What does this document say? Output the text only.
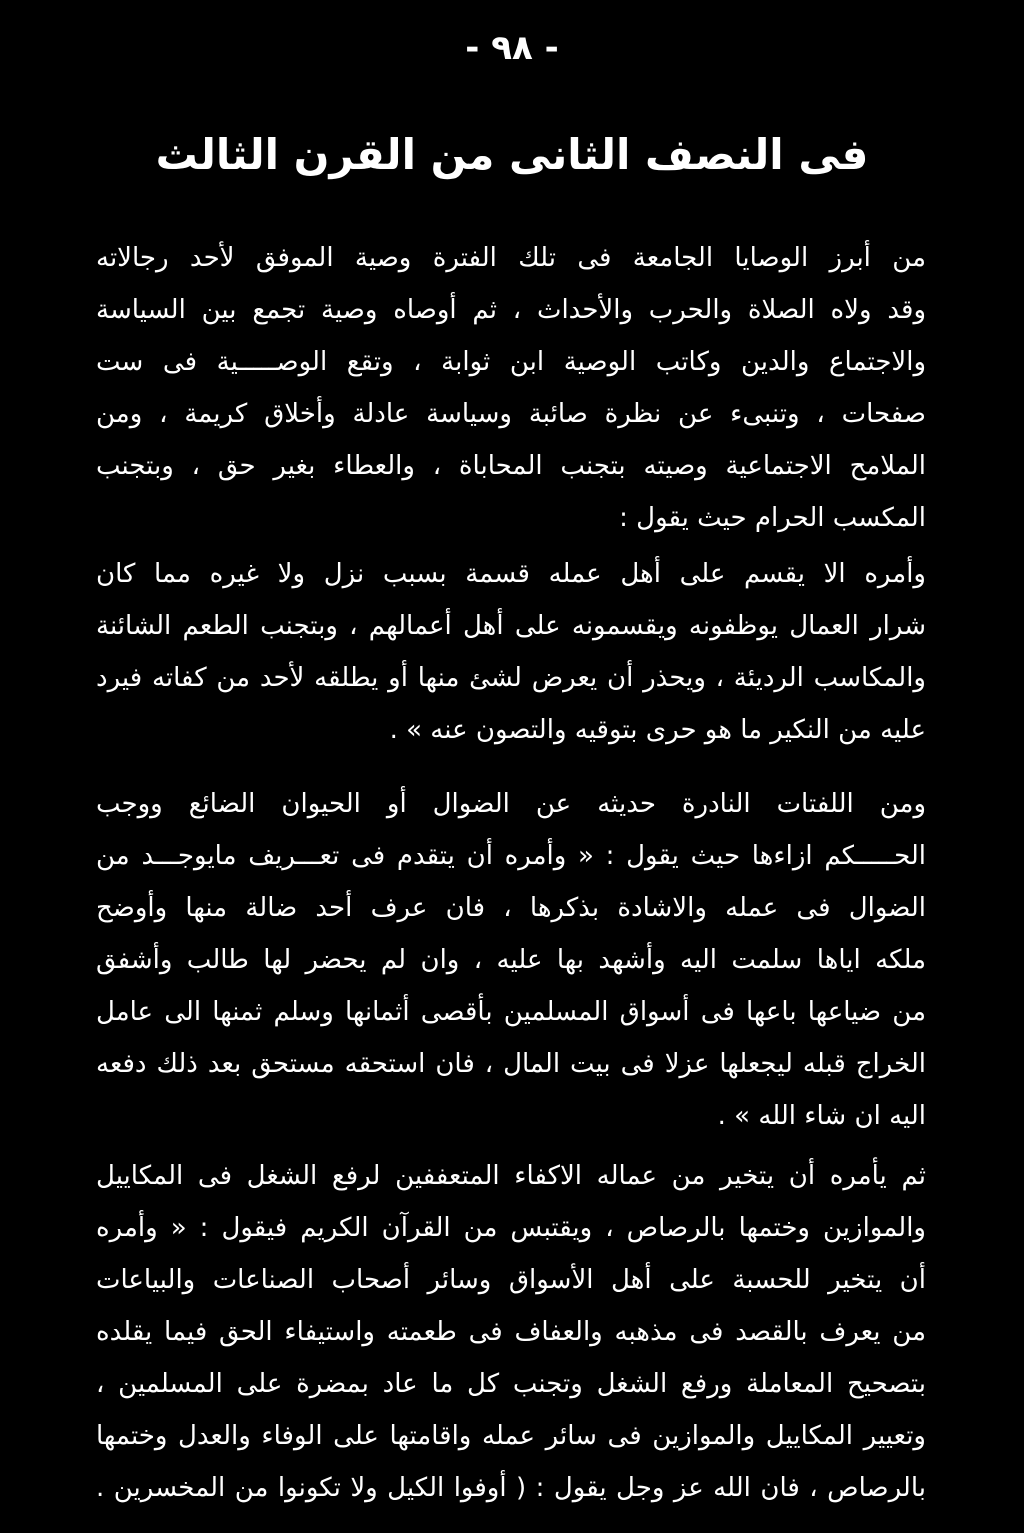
- ٩٨ -
فى النصف الثانى من القرن الثالث
من أبرز الوصايا الجامعة فى تلك الفترة وصية الموفق لأحد رجالاته
وقد ولاه الصلاة والحرب والأحداث ، ثم أوصاه وصية تجمع بين السياسة
والاجتماع والدين وكاتب الوصية ابن ثوابة ، وتقع الوصـــــية فى ست
صفحات ، وتنبىء عن نظرة صائبة وسياسة عادلة وأخلاق كريمة ، ومن
الملامح الاجتماعية وصيته بتجنب المحاباة ، والعطاء بغير حق ، وبتجنب
المكسب الحرام حيث يقول :
وأمره الا يقسم على أهل عمله قسمة بسبب نزل ولا غيره مما كان
شرار العمال يوظفونه ويقسمونه على أهل أعمالهم ، وبتجنب الطعم الشائنة
والمكاسب الرديئة ، ويحذر أن يعرض لشئ منها أو يطلقه لأحد من كفاته فيرد
عليه من النكير ما هو حرى بتوقيه والتصون عنه » .
ومن اللفتات النادرة حديثه عن الضوال أو الحيوان الضائع ووجب
الحـــــكم ازاءها حيث يقول : « وأمره أن يتقدم فى تعـــريف مايوجـــد من
الضوال فى عمله والاشادة بذكرها ، فان عرف أحد ضالة منها وأوضح
ملكه اياها سلمت اليه وأشهد بها عليه ، وان لم يحضر لها طالب وأشفق
من ضياعها باعها فى أسواق المسلمين بأقصى أثمانها وسلم ثمنها الى عامل
الخراج قبله ليجعلها عزلا فى بيت المال ، فان استحقه مستحق بعد ذلك دفعه
اليه ان شاء الله » .
ثم يأمره أن يتخير من عماله الاكفاء المتعففين لرفع الشغل فى المكاييل
والموازين وختمها بالرصاص ، ويقتبس من القرآن الكريم فيقول : « وأمره
أن يتخير للحسبة على أهل الأسواق وسائر أصحاب الصناعات والبياعات
من يعرف بالقصد فى مذهبه والعفاف فى طعمته واستيفاء الحق فيما يقلده
بتصحيح المعاملة ورفع الشغل وتجنب كل ما عاد بمضرة على المسلمين ،
وتعيير المكاييل والموازين فى سائر عمله واقامتها على الوفاء والعدل وختمها
بالرصاص ، فان الله عز وجل يقول : ( أوفوا الكيل ولا تكونوا من المخسرين .
